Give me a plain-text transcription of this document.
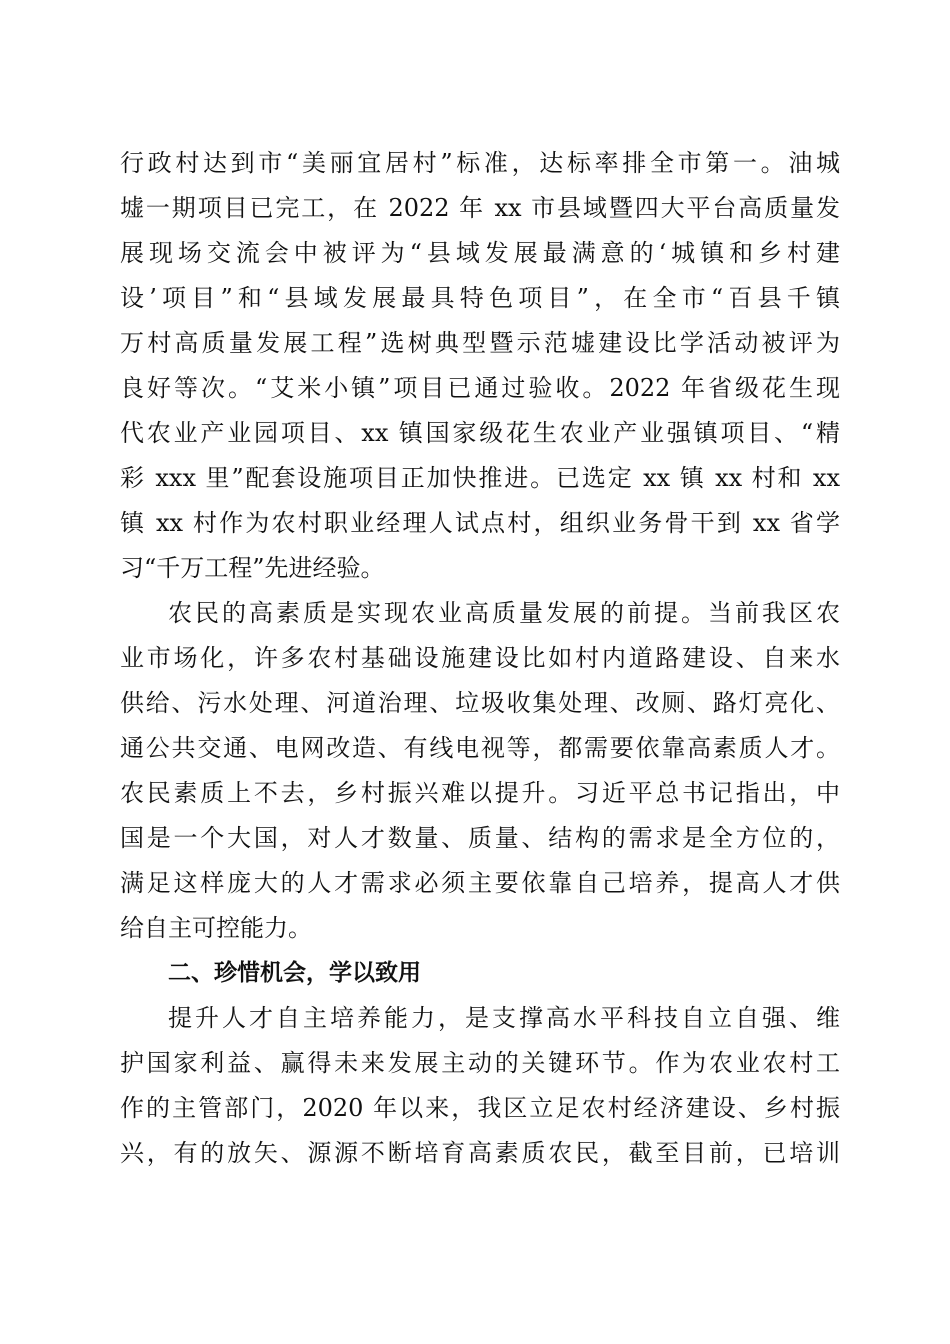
行政村达到市“美丽宜居村”标准，达标率排全市第一。油城
墟一期项目已完工，在 2022 年 xx 市县域暨四大平台高质量发
展现场交流会中被评为“县域发展最满意的‘城镇和乡村建
设’项目”和“县域发展最具特色项目”，在全市“百县千镇
万村高质量发展工程”选树典型暨示范墟建设比学活动被评为
良好等次。“艾米小镇”项目已通过验收。2022 年省级花生现
代农业产业园项目、xx 镇国家级花生农业产业强镇项目、“精
彩 xxx 里”配套设施项目正加快推进。已选定 xx 镇 xx 村和 xx
镇 xx 村作为农村职业经理人试点村，组织业务骨干到 xx 省学
习“千万工程”先进经验。
农民的高素质是实现农业高质量发展的前提。当前我区农
业市场化，许多农村基础设施建设比如村内道路建设、自来水
供给、污水处理、河道治理、垃圾收集处理、改厕、路灯亮化、
通公共交通、电网改造、有线电视等，都需要依靠高素质人才。
农民素质上不去，乡村振兴难以提升。习近平总书记指出，中
国是一个大国，对人才数量、质量、结构的需求是全方位的，
满足这样庞大的人才需求必须主要依靠自己培养，提高人才供
给自主可控能力。
二、珍惜机会，学以致用
提升人才自主培养能力，是支撑高水平科技自立自强、维
护国家利益、赢得未来发展主动的关键环节。作为农业农村工
作的主管部门，2020 年以来，我区立足农村经济建设、乡村振
兴，有的放矢、源源不断培育高素质农民，截至目前，已培训
